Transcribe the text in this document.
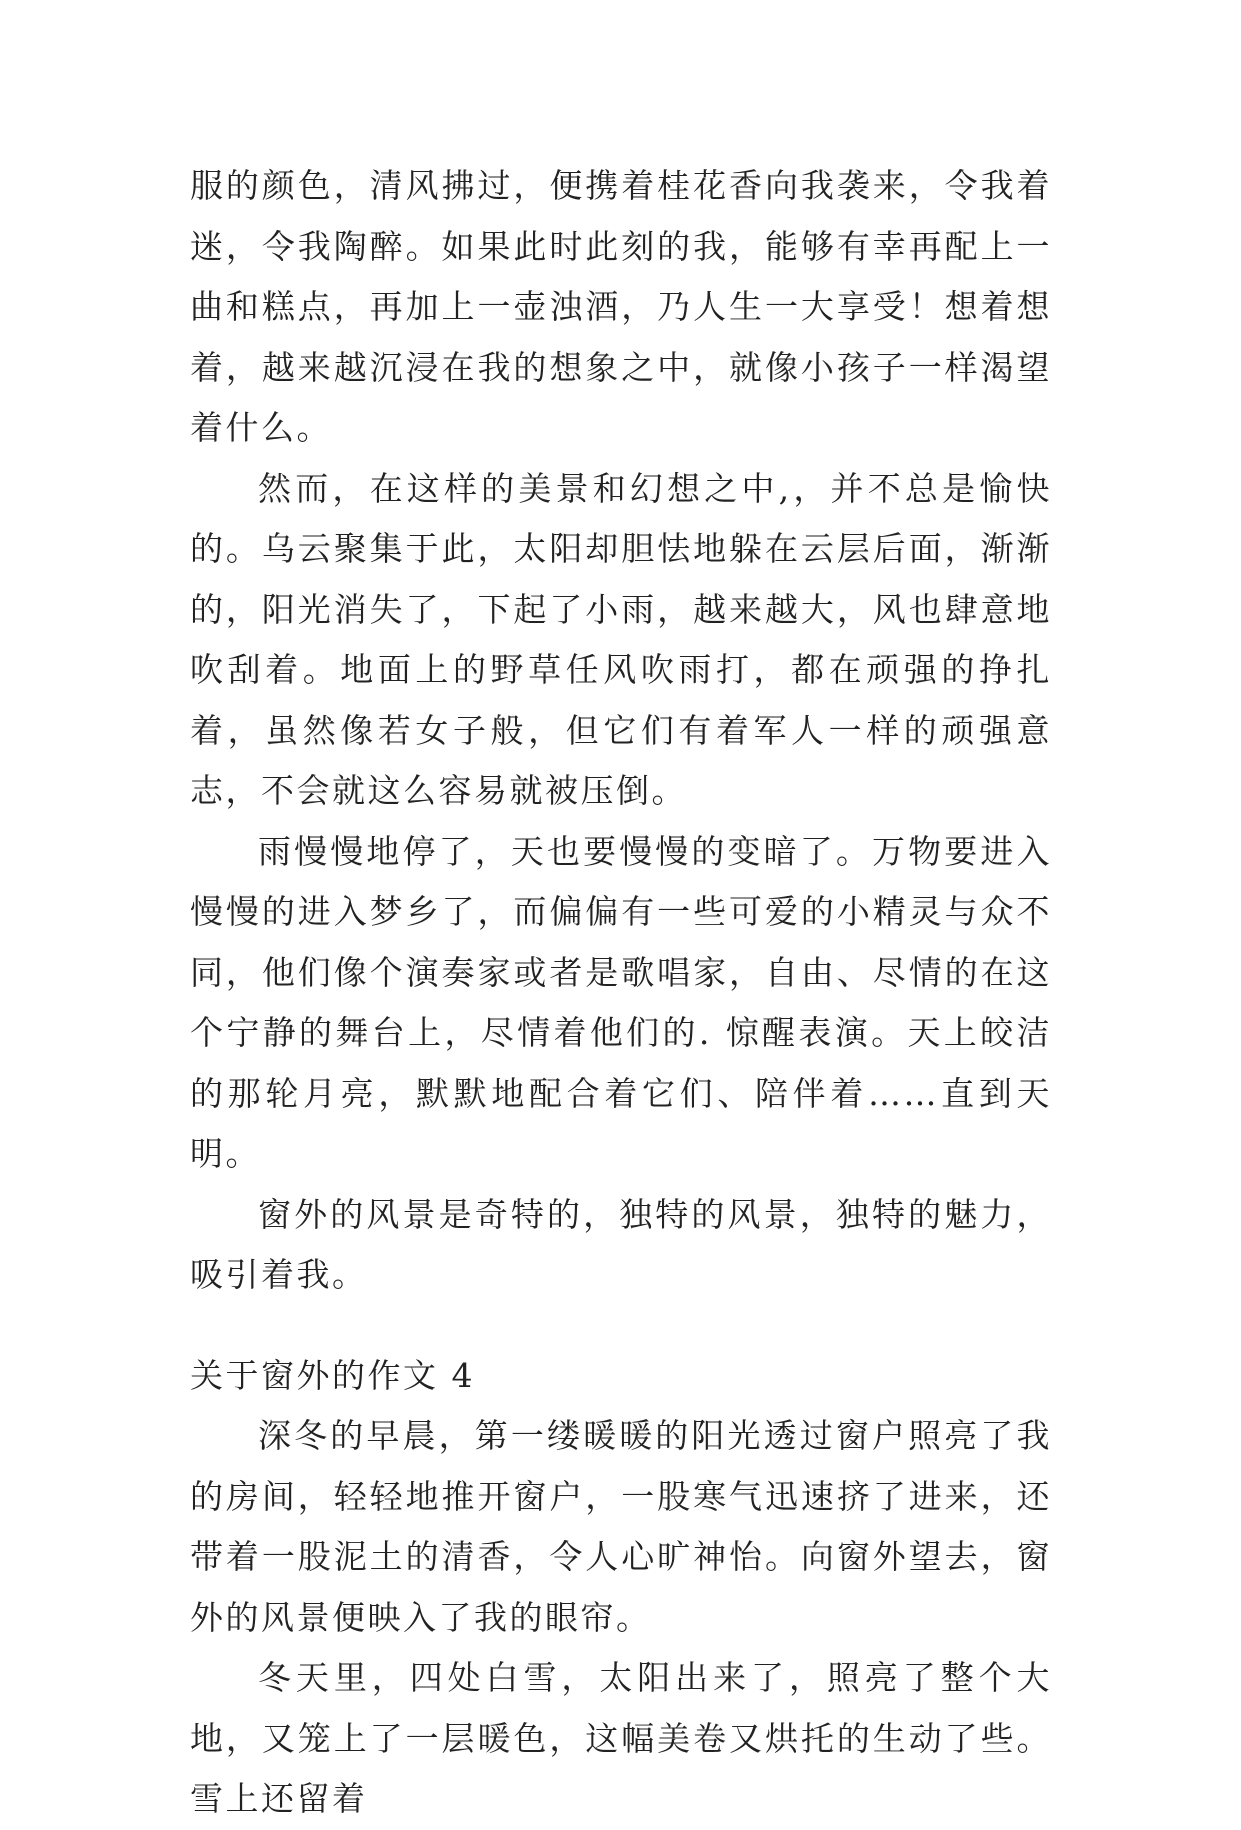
服的颜色，清风拂过，便携着桂花香向我袭来，令我着迷，令我陶醉。如果此时此刻的我，能够有幸再配上一曲和糕点，再加上一壶浊酒，乃人生一大享受！想着想着，越来越沉浸在我的想象之中，就像小孩子一样渴望着什么。

然而，在这样的美景和幻想之中,，并不总是愉快的。乌云聚集于此，太阳却胆怯地躲在云层后面，渐渐的，阳光消失了，下起了小雨，越来越大，风也肆意地吹刮着。地面上的野草任风吹雨打，都在顽强的挣扎着，虽然像若女子般，但它们有着军人一样的顽强意志，不会就这么容易就被压倒。

雨慢慢地停了，天也要慢慢的变暗了。万物要进入慢慢的进入梦乡了，而偏偏有一些可爱的小精灵与众不同，他们像个演奏家或者是歌唱家，自由、尽情的在这个宁静的舞台上，尽情着他们的. 惊醒表演。天上皎洁的那轮月亮，默默地配合着它们、陪伴着……直到天明。

窗外的风景是奇特的，独特的风景，独特的魅力，吸引着我。

关于窗外的作文 4

深冬的早晨，第一缕暖暖的阳光透过窗户照亮了我的房间，轻轻地推开窗户，一股寒气迅速挤了进来，还带着一股泥土的清香，令人心旷神怡。向窗外望去，窗外的风景便映入了我的眼帘。

冬天里，四处白雪，太阳出来了，照亮了整个大地，又笼上了一层暖色，这幅美卷又烘托的生动了些。雪上还留着
